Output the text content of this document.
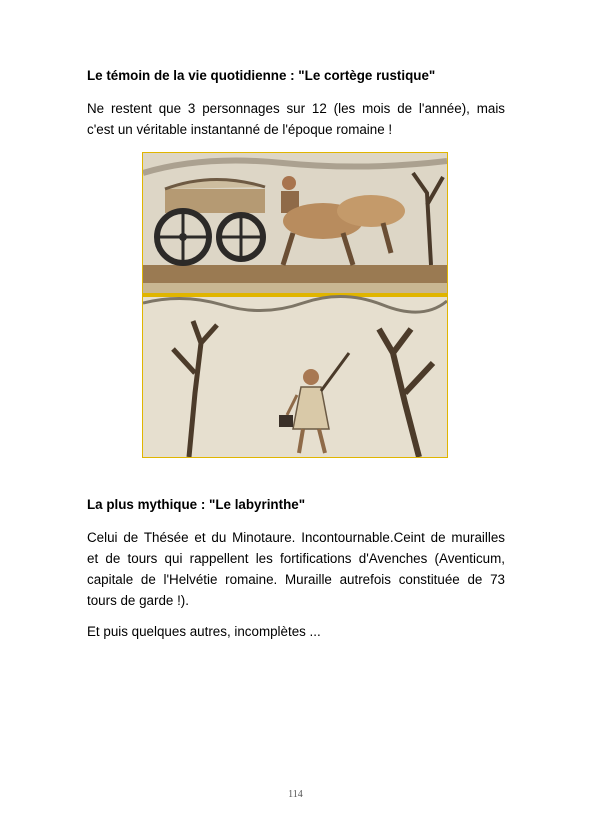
Le témoin de la vie quotidienne : "Le cortège rustique"
Ne restent que 3 personnages sur 12 (les mois de l'année), mais
c'est un véritable instantanné de l'époque romaine !
La plus mythique : "Le labyrinthe"
Celui de Thésée et du Minotaure. Incontournable.Ceint de murailles
et de tours qui rappellent les fortifications d'Avenches (Aventicum,
capitale de l'Helvétie romaine. Muraille autrefois constituée de 73
tours de garde !).
Et puis quelques autres, incomplètes ...
114
